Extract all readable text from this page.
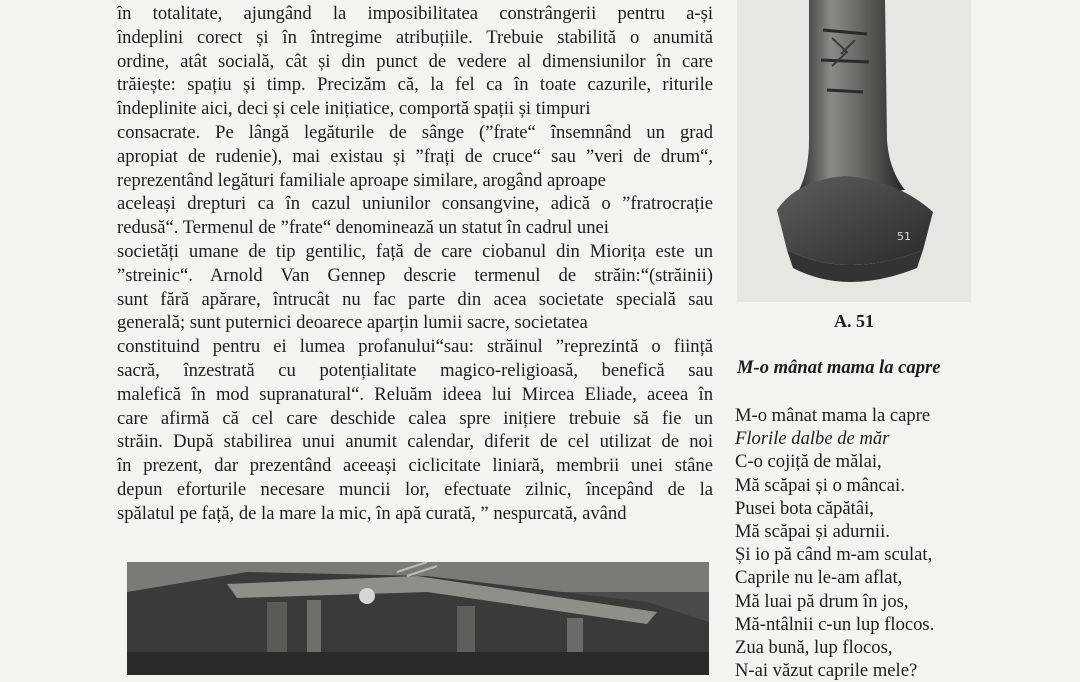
în totalitate, ajungând la imposibilitatea constrângerii pentru a-și
îndeplini corect și în întregime atribuțiile. Trebuie stabilită o anumită
ordine, atât socială, cât și din punct de vedere al dimensiunilor în care
trăiește: spațiu și timp. Precizăm că, la fel ca în toate cazurile, riturile
îndeplinite aici, deci și cele inițiatice, comportă spații și timpuri
consacrate. Pe lângă legăturile de sânge (”frate“ însemnând un grad
apropiat de rudenie), mai existau și ”frați de cruce“ sau ”veri de drum“,
reprezentând legături familiale aproape similare, arogând aproape
aceleași drepturi ca în cazul uniunilor consangvine, adică o ”fratrocrație
redusă“. Termenul de ”frate“ denominează un statut în cadrul unei
societăți umane de tip gentilic, față de care ciobanul din Miorița este un
”streinic“. Arnold Van Gennep descrie termenul de străin:“(străinii)
sunt fără apărare, întrucât nu fac parte din acea societate specială sau
generală; sunt puternici deoarece aparțin lumii sacre, societatea
constituind pentru ei lumea profanului“sau: străinul ”reprezintă o ființă
sacră, înzestrată cu potențialitate magico-religioasă, benefică sau
malefică în mod supranatural“. Reluăm ideea lui Mircea Eliade, aceea în
care afirmă că cel care deschide calea spre inițiere trebuie să fie un
străin. După stabilirea unui anumit calendar, diferit de cel utilizat de noi
în prezent, dar prezentând aceeași ciclicitate liniară, membrii unei stâne
depun eforturile necesare muncii lor, efectuate zilnic, începând de la
spălatul pe față, de la mare la mic, în apă curată, ” nespurcată, având

51
A. 51
M-o mânat mama la capre
M-o mânat mama la capre
Florile dalbe de măr
C-o cojiță de mălai,
Mă scăpai și o mâncai.
Pusei bota căpătâi,
Mă scăpai și adurnii.
Și io pă când m-am sculat,
Caprile nu le-am aflat,
Mă luai pă drum în jos,
Mă-ntâlnii c-un lup flocos.
Zua bună, lup flocos,
N-ai văzut caprile mele?
